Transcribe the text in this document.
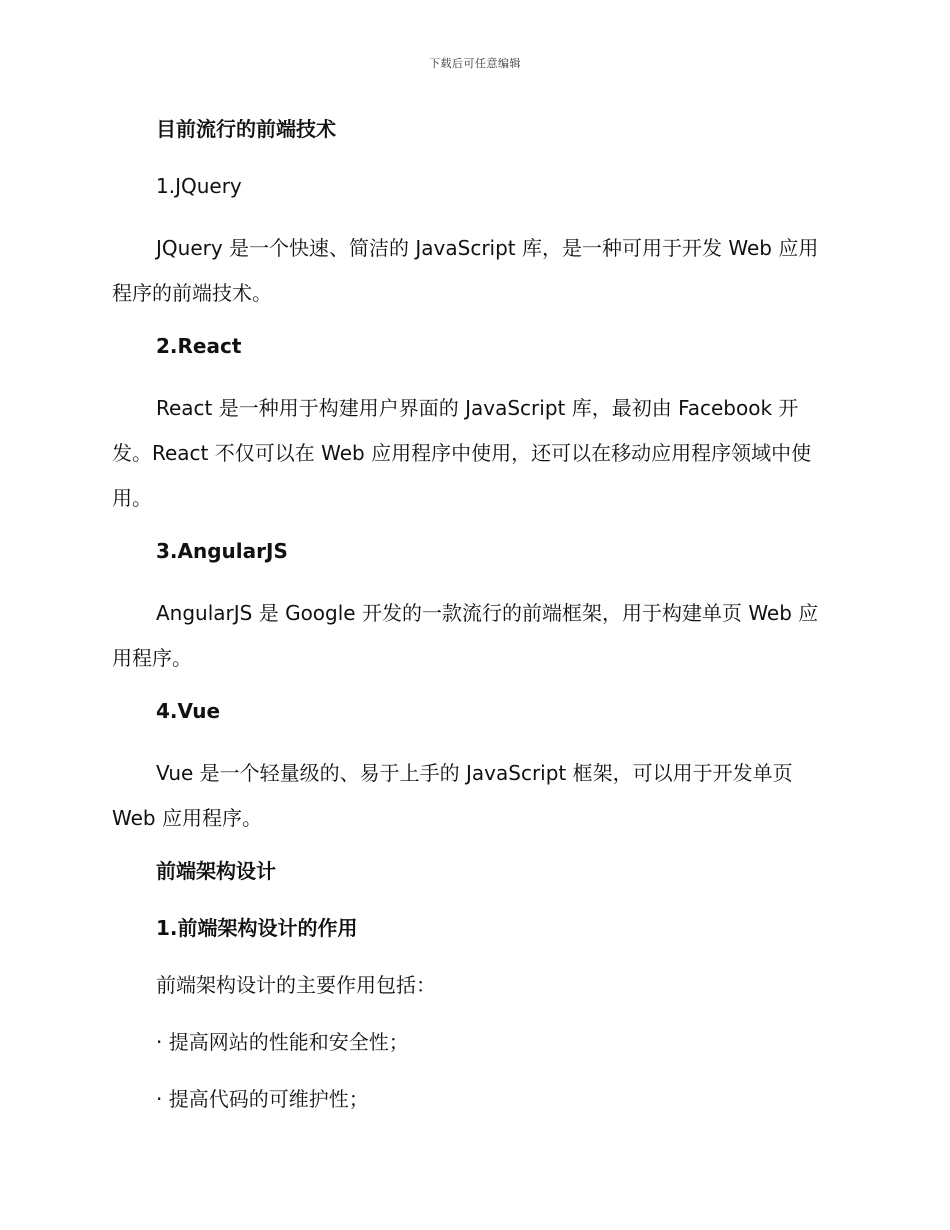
下载后可任意编辑
目前流行的前端技术
1.JQuery
JQuery 是一个快速、简洁的 JavaScript 库，是一种可用于开发 Web 应用程序的前端技术。
2.React
React 是一种用于构建用户界面的 JavaScript 库，最初由 Facebook 开发。React 不仅可以在 Web 应用程序中使用，还可以在移动应用程序领域中使用。
3.AngularJS
AngularJS 是 Google 开发的一款流行的前端框架，用于构建单页 Web 应用程序。
4.Vue
Vue 是一个轻量级的、易于上手的 JavaScript 框架，可以用于开发单页 Web 应用程序。
前端架构设计
1.前端架构设计的作用
前端架构设计的主要作用包括：
· 提高网站的性能和安全性；
· 提高代码的可维护性；
